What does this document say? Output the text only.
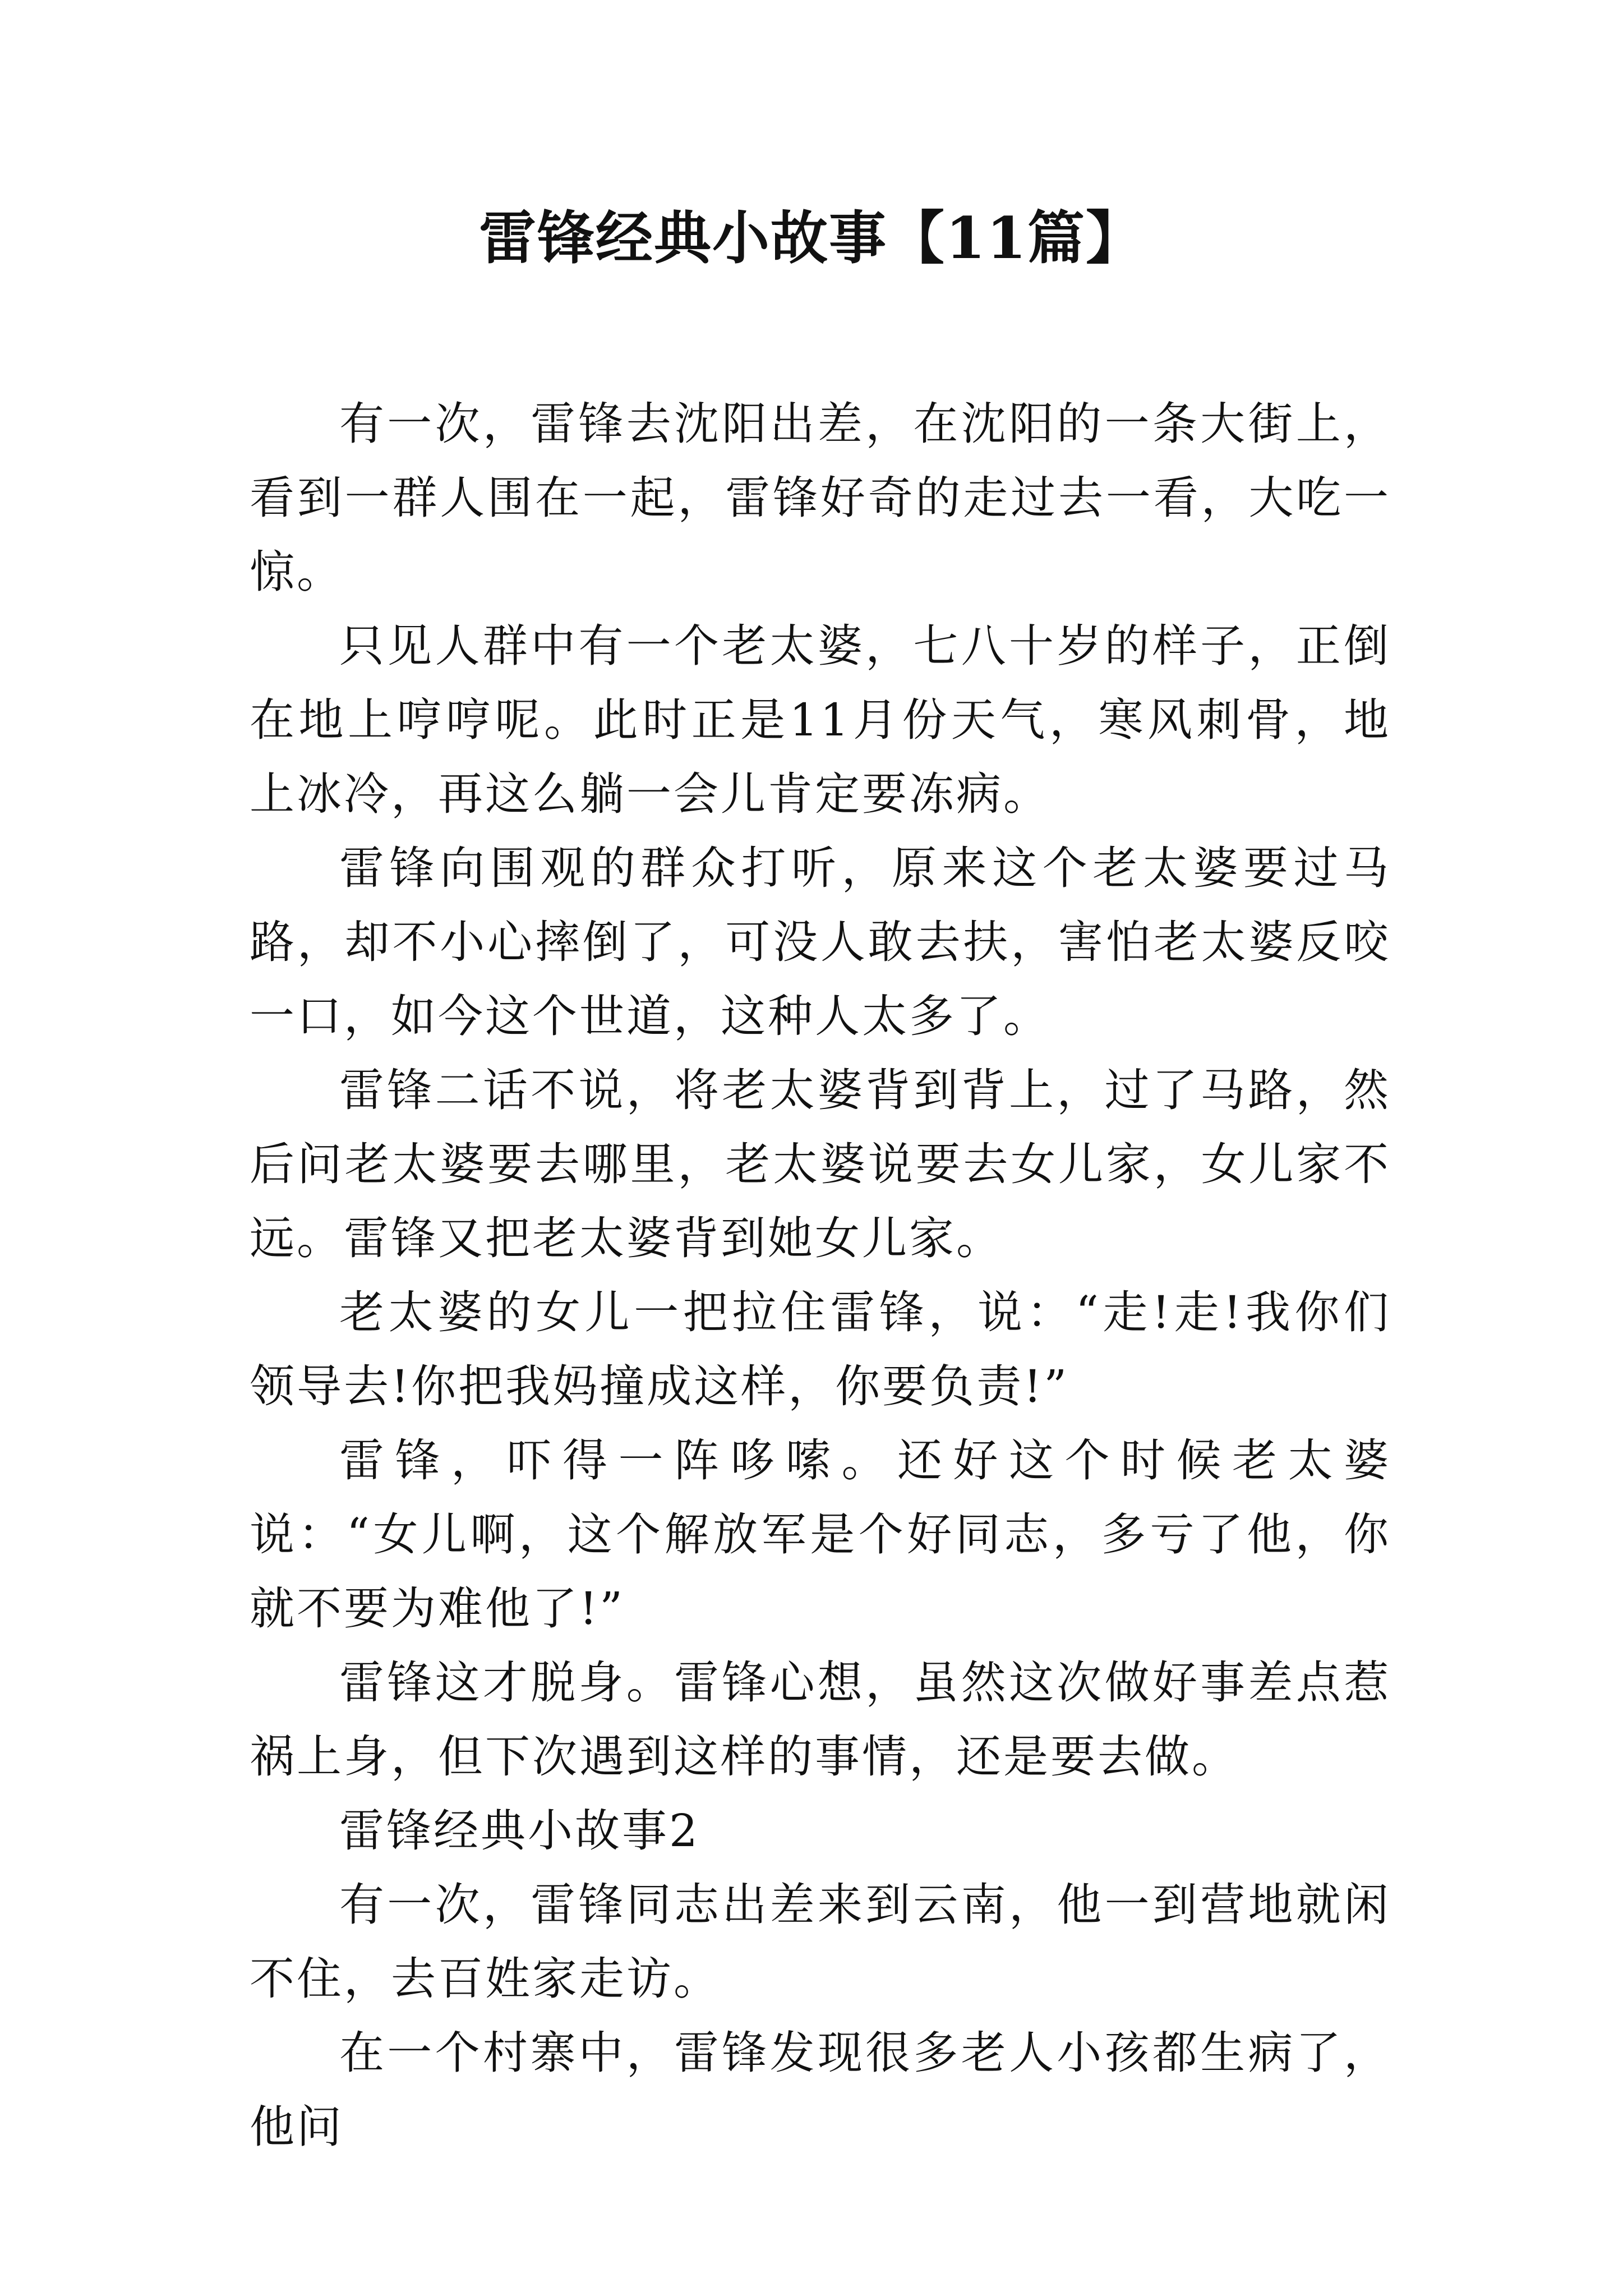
雷锋经典小故事【11篇】

有一次，雷锋去沈阳出差，在沈阳的一条大街上，看到一群人围在一起，雷锋好奇的走过去一看，大吃一惊。

只见人群中有一个老太婆，七八十岁的样子，正倒在地上哼哼呢。此时正是11月份天气，寒风刺骨，地上冰冷，再这么躺一会儿肯定要冻病。

雷锋向围观的群众打听，原来这个老太婆要过马路，却不小心摔倒了，可没人敢去扶，害怕老太婆反咬一口，如今这个世道，这种人太多了。

雷锋二话不说，将老太婆背到背上，过了马路，然后问老太婆要去哪里，老太婆说要去女儿家，女儿家不远。雷锋又把老太婆背到她女儿家。

老太婆的女儿一把拉住雷锋，说：“走!走!我你们领导去!你把我妈撞成这样，你要负责!”

雷锋，吓得一阵哆嗦。还好这个时候老太婆说：“女儿啊，这个解放军是个好同志，多亏了他，你就不要为难他了!”

雷锋这才脱身。雷锋心想，虽然这次做好事差点惹祸上身，但下次遇到这样的事情，还是要去做。

雷锋经典小故事2

有一次，雷锋同志出差来到云南，他一到营地就闲不住，去百姓家走访。

在一个村寨中，雷锋发现很多老人小孩都生病了，他问
